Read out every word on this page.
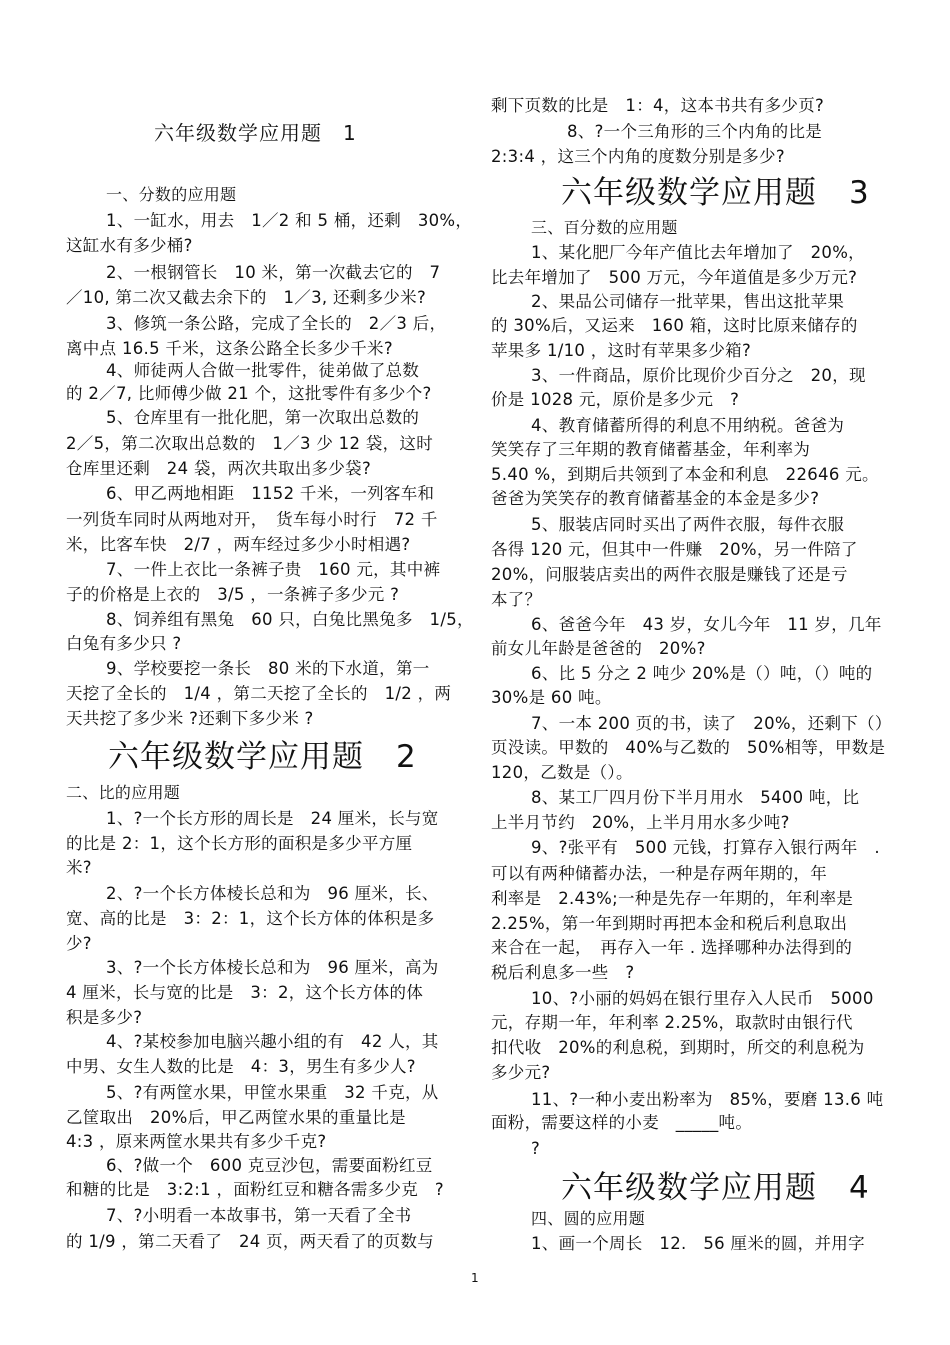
六年级数学应用题　1
一、分数的应用题
1、一缸水，用去　1／2 和 5 桶，还剩　30%，
这缸水有多少桶?
2、一根钢管长　10 米，第一次截去它的　7
／10, 第二次又截去余下的　1／3, 还剩多少米?
3、修筑一条公路，完成了全长的　2／3 后，
离中点 16.5 千米，这条公路全长多少千米?
4、师徒两人合做一批零件，徒弟做了总数
的 2／7, 比师傅少做 21 个，这批零件有多少个?
5、仓库里有一批化肥，第一次取出总数的
2／5，第二次取出总数的　1／3 少 12 袋，这时
仓库里还剩　24 袋，两次共取出多少袋?
6、甲乙两地相距　1152 千米，一列客车和
一列货车同时从两地对开，　货车每小时行　72 千
米，比客车快　2/7 ，两车经过多少小时相遇?
7、一件上衣比一条裤子贵　160 元，其中裤
子的价格是上衣的　3/5 ，一条裤子多少元 ?
8、饲养组有黑兔　60 只，白兔比黑兔多　1/5，
白兔有多少只 ?
9、学校要挖一条长　80 米的下水道，第一
天挖了全长的　1/4 ，第二天挖了全长的　1/2 ，两
天共挖了多少米 ?还剩下多少米 ?
六年级数学应用题　2
二、比的应用题
1、?一个长方形的周长是　24 厘米，长与宽
的比是 2：1，这个长方形的面积是多少平方厘
米?
2、?一个长方体棱长总和为　96 厘米，长、
宽、高的比是　3：2：1，这个长方体的体积是多
少?
3、?一个长方体棱长总和为　96 厘米，高为
4 厘米，长与宽的比是　3：2，这个长方体的体
积是多少?
4、?某校参加电脑兴趣小组的有　42 人，其
中男、女生人数的比是　4：3，男生有多少人?
5、?有两筐水果，甲筐水果重　32 千克，从
乙筐取出　20%后，甲乙两筐水果的重量比是
4:3 ，原来两筐水果共有多少千克?
6、?做一个　600 克豆沙包，需要面粉红豆
和糖的比是　3:2:1 ，面粉红豆和糖各需多少克　?
7、?小明看一本故事书，第一天看了全书
的 1/9 ，第二天看了　24 页，两天看了的页数与
剩下页数的比是　1：4，这本书共有多少页?
8、?一个三角形的三个内角的比是
2:3:4 ，这三个内角的度数分别是多少?
六年级数学应用题　3
三、百分数的应用题
1、某化肥厂今年产值比去年增加了　20%，
比去年增加了　500 万元，今年道值是多少万元?
2、果品公司储存一批苹果，售出这批苹果
的 30%后，又运来　160 箱，这时比原来储存的
苹果多 1/10 ，这时有苹果多少箱?
3、一件商品，原价比现价少百分之　20，现
价是 1028 元，原价是多少元　?
4、教育储蓄所得的利息不用纳税。爸爸为
笑笑存了三年期的教育储蓄基金，年利率为
5.40 %，到期后共领到了本金和利息　22646 元。
爸爸为笑笑存的教育储蓄基金的本金是多少?
5、服装店同时买出了两件衣服，每件衣服
各得 120 元，但其中一件赚　20%，另一件陪了
20%，问服装店卖出的两件衣服是赚钱了还是亏
本了？
6、爸爸今年　43 岁，女儿今年　11 岁，几年
前女儿年龄是爸爸的　20%?
6、比 5 分之 2 吨少 20%是（）吨，（）吨的
30%是 60 吨。
7、一本 200 页的书，读了　20%，还剩下（）
页没读。甲数的　40%与乙数的　50%相等，甲数是
120，乙数是（）。
8、某工厂四月份下半月用水　5400 吨，比
上半月节约　20%，上半月用水多少吨?
9、?张平有　500 元钱，打算存入银行两年　.
可以有两种储蓄办法，一种是存两年期的，年
利率是　2.43%;一种是先存一年期的，年利率是
2.25%，第一年到期时再把本金和税后利息取出
来合在一起，　再存入一年 . 选择哪种办法得到的
税后利息多一些　?
10、?小丽的妈妈在银行里存入人民币　5000
元，存期一年，年利率 2.25%，取款时由银行代
扣代收　20%的利息税，到期时，所交的利息税为
多少元?
11、?一种小麦出粉率为　85%，要磨 13.6 吨
面粉，需要这样的小麦　_____吨。
?
六年级数学应用题　4
四、圆的应用题
1、画一个周长　12.　56 厘米的圆，并用字
1
